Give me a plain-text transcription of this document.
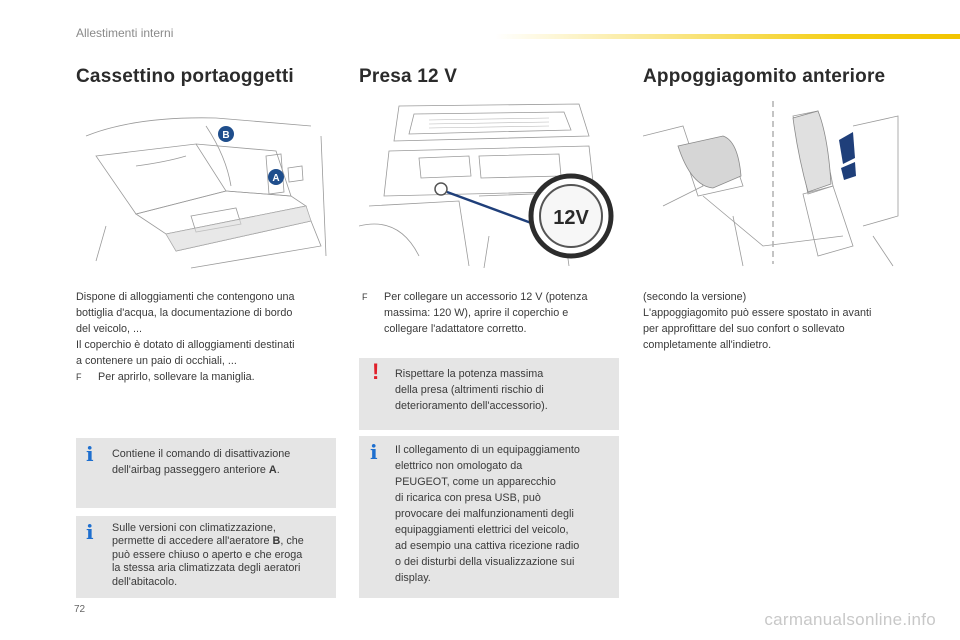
Allestimenti interni
Cassettino portaoggetti	Presa 12 V	Appoggiagomito anteriore
B
A
12V

Dispone di alloggiamenti che contengono una

bottiglia d'acqua, la documentazione di bordo

del veicolo, ...

Il coperchio è dotato di alloggiamenti destinati

a contenere un paio di occhiali, ...

F Per aprirlo, sollevare la maniglia.

i Contiene il comando di disattivazione
dell'airbag passeggero anteriore A.
i Sulle versioni con climatizzazione,
permette di accedere all'aeratore B, che
può essere chiuso o aperto e che eroga
la stessa aria climatizzata degli aeratori
dell'abitacolo.
F Per collegare un accessorio 12 V (potenza
massima: 120 W), aprire il coperchio e
collegare l'adattatore corretto.
! Rispettare la potenza massima
della presa (altrimenti rischio di
deterioramento dell'accessorio).
i Il collegamento di un equipaggiamento
elettrico non omologato da
PEUGEOT, come un apparecchio
di ricarica con presa USB, può
provocare dei malfunzionamenti degli
equipaggiamenti elettrici del veicolo,
ad esempio una cattiva ricezione radio
o dei disturbi della visualizzazione sui
display.

(secondo la versione)

L'appoggiagomito può essere spostato in avanti

per approfittare del suo confort o sollevato

completamente all'indietro.

72
carmanualsonline.info
